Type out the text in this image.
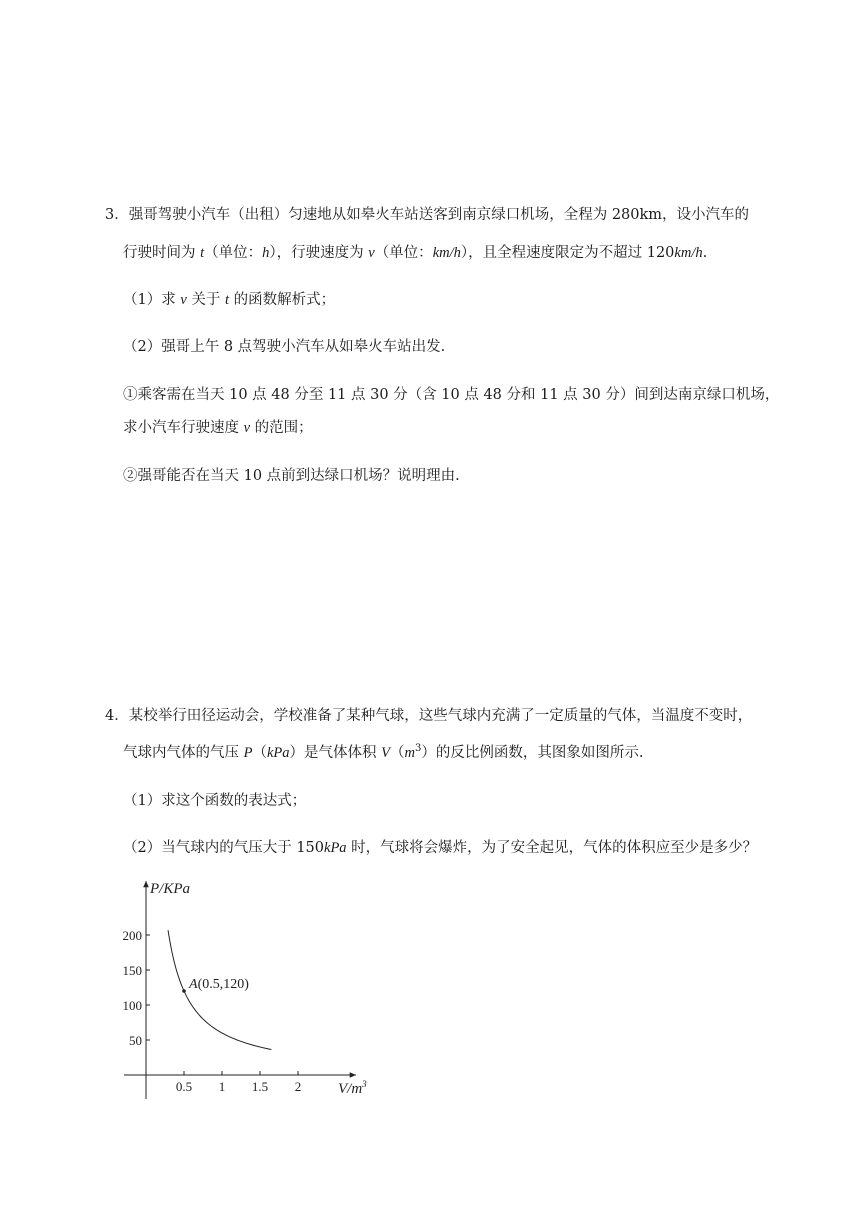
3．强哥驾驶小汽车（出租）匀速地从如皋火车站送客到南京绿口机场，全程为 280km，设小汽车的
行驶时间为 t（单位：h），行驶速度为 v（单位：km/h），且全程速度限定为不超过 120km/h.
（1）求 v 关于 t 的函数解析式；
（2）强哥上午 8 点驾驶小汽车从如皋火车站出发.
①乘客需在当天 10 点 48 分至 11 点 30 分（含 10 点 48 分和 11 点 30 分）间到达南京绿口机场，
求小汽车行驶速度 v 的范围；
②强哥能否在当天 10 点前到达绿口机场？说明理由.
4．某校举行田径运动会，学校准备了某种气球，这些气球内充满了一定质量的气体，当温度不变时，
气球内气体的气压 P（kPa）是气体体积 $V(m^3)$的反比例函数，其图象如图所示.
（1）求这个函数的表达式；
（2）当气球内的气压大于 150kPa 时，气球将会爆炸，为了安全起见，气体的体积应至少是多少？
P/KPa
$V/m^3$
0.5 1 1.5 2
50
100
150
200
A(0.5,120)
